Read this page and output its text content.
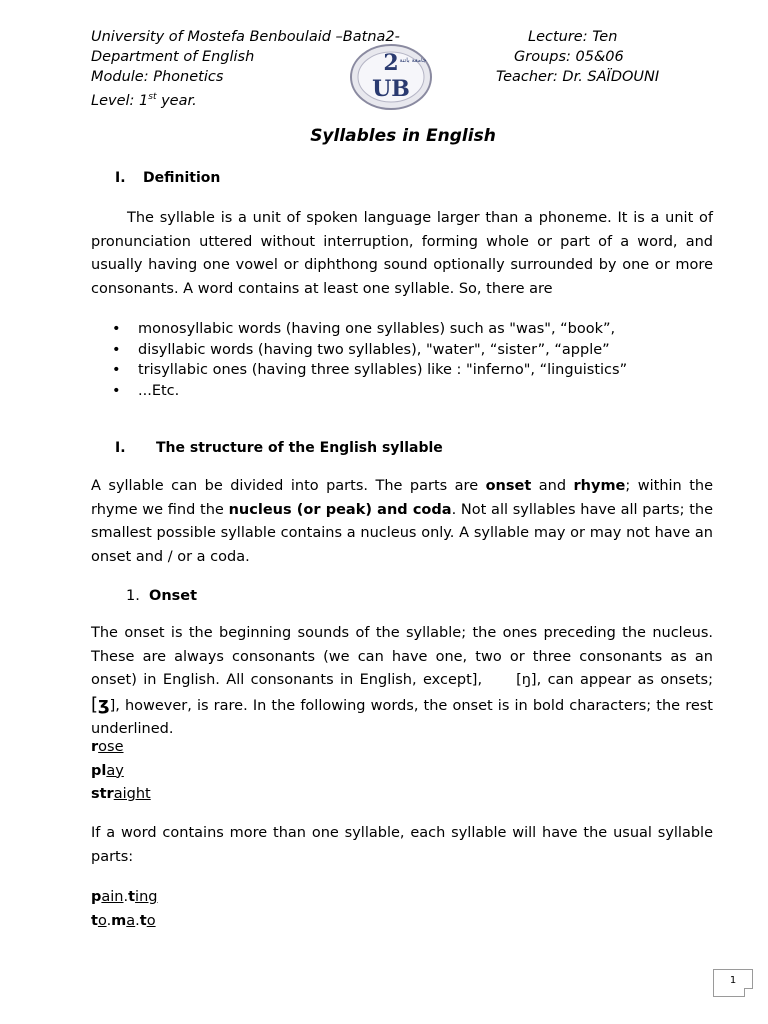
University of Mostefa Benboulaid –Batna2-
Department of English
Module: Phonetics
Level: 1st year.
Lecture: Ten
Groups: 05&06
Teacher: Dr. SAÏDOUNI
2
UB
جامعة باتنة
Syllables in English
I. Definition

The syllable is a unit of spoken language larger than a phoneme. It is a unit of pronunciation uttered without interruption, forming whole or part of a word, and usually having one vowel or diphthong sound optionally surrounded by one or more consonants. A word contains at least one syllable. So, there are

• monosyllabic words (having one syllables) such as "was", “book”,
• disyllabic words (having two syllables), "water", “sister”, “apple”
• trisyllabic ones (having three syllables) like : "inferno", “linguistics”
• ...Etc.
I. The structure of the English syllable

A syllable can be divided into parts. The parts are onset and rhyme; within the rhyme we find the nucleus (or peak) and coda. Not all syllables have all parts; the smallest possible syllable contains a nucleus only. A syllable may or may not have an onset and / or a coda.

1. Onset

The onset is the beginning sounds of the syllable; the ones preceding the nucleus. These are always consonants (we can have one, two or three consonants as an onset) in English. All consonants in English, except], [ŋ], can appear as onsets; [ʒ], however, is rare. In the following words, the onset is in bold characters; the rest underlined.

rose
play
straight

If a word contains more than one syllable, each syllable will have the usual syllable parts:

pain.ting
to.ma.to
1
